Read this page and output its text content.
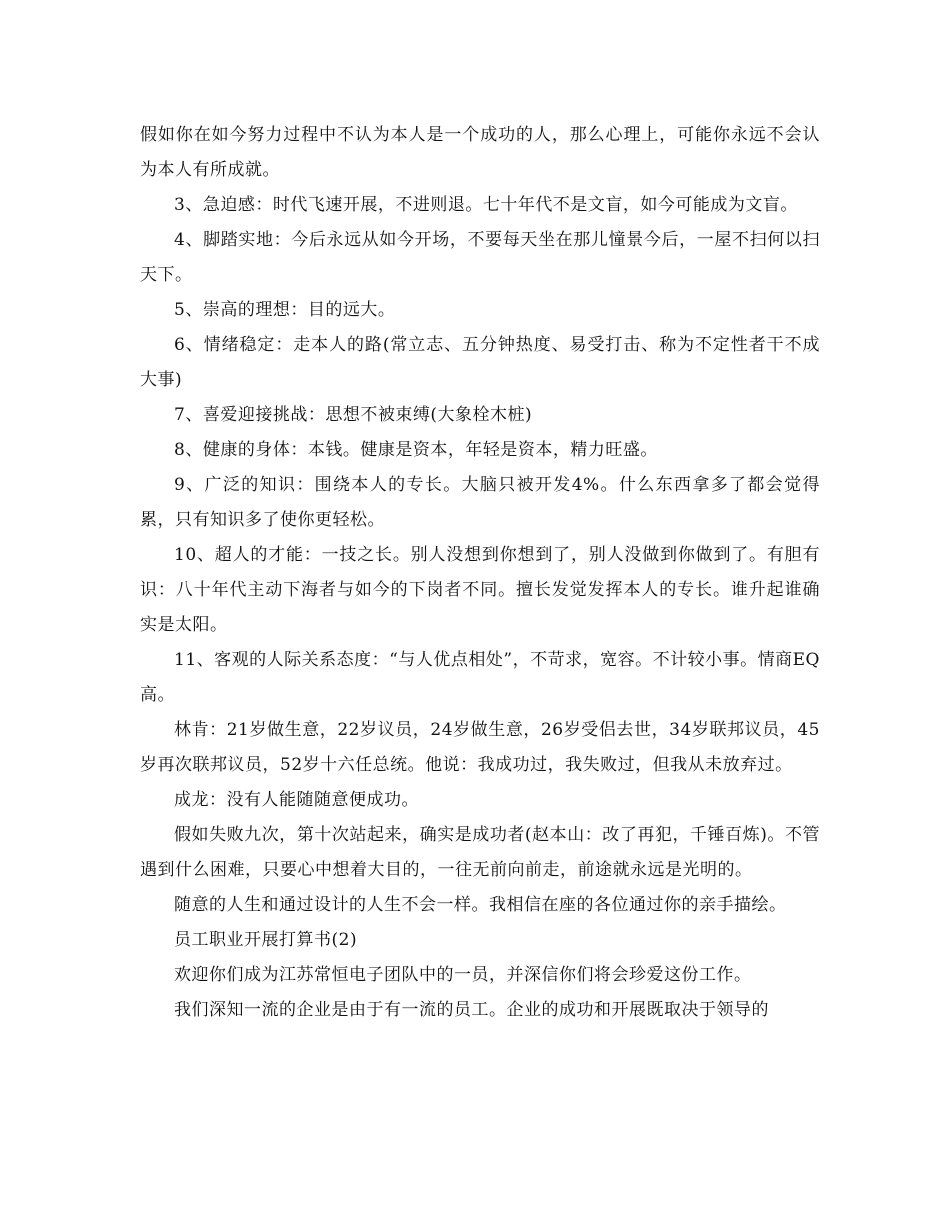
假如你在如今努力过程中不认为本人是一个成功的人，那么心理上，可能你永远不会认为本人有所成就。

3、急迫感：时代飞速开展，不进则退。七十年代不是文盲，如今可能成为文盲。

4、脚踏实地：今后永远从如今开场，不要每天坐在那儿憧景今后，一屋不扫何以扫天下。

5、崇高的理想：目的远大。

6、情绪稳定：走本人的路(常立志、五分钟热度、易受打击、称为不定性者干不成大事)

7、喜爱迎接挑战：思想不被束缚(大象栓木桩)

8、健康的身体：本钱。健康是资本，年轻是资本，精力旺盛。

9、广泛的知识：围绕本人的专长。大脑只被开发4%。什么东西拿多了都会觉得累，只有知识多了使你更轻松。

10、超人的才能：一技之长。别人没想到你想到了，别人没做到你做到了。有胆有识：八十年代主动下海者与如今的下岗者不同。擅长发觉发挥本人的专长。谁升起谁确实是太阳。

11、客观的人际关系态度：“与人优点相处”，不苛求，宽容。不计较小事。情商EQ高。

林肯：21岁做生意，22岁议员，24岁做生意，26岁受侣去世，34岁联邦议员，45岁再次联邦议员，52岁十六任总统。他说：我成功过，我失败过，但我从未放弃过。

成龙：没有人能随随意便成功。

假如失败九次，第十次站起来，确实是成功者(赵本山：改了再犯，千锤百炼)。不管遇到什么困难，只要心中想着大目的，一往无前向前走，前途就永远是光明的。

随意的人生和通过设计的人生不会一样。我相信在座的各位通过你的亲手描绘。

员工职业开展打算书(2)

欢迎你们成为江苏常恒电子团队中的一员，并深信你们将会珍爱这份工作。

我们深知一流的企业是由于有一流的员工。企业的成功和开展既取决于领导的
